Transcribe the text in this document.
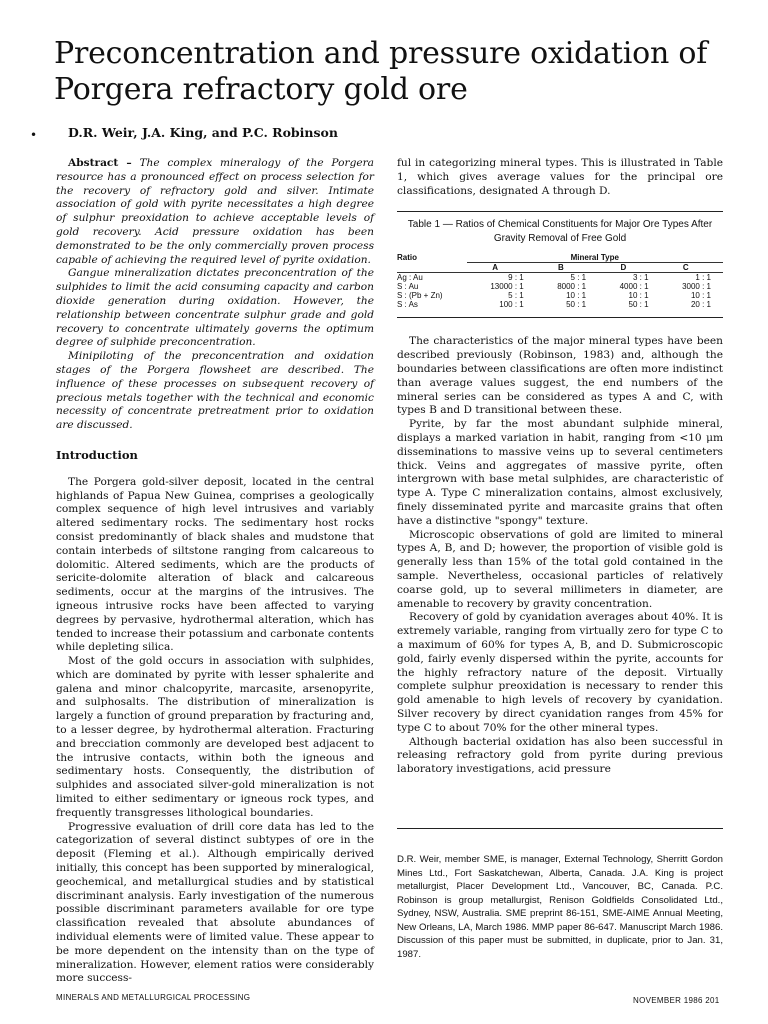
Preconcentration and pressure oxidation of Porgera refractory gold ore
•	D.R. Weir, J.A. King, and P.C. Robinson

Abstract – The complex mineralogy of the Porgera resource has a pronounced effect on process selection for the recovery of refractory gold and silver. Intimate association of gold with pyrite necessitates a high degree of sulphur preoxidation to achieve acceptable levels of gold recovery. Acid pressure oxidation has been demonstrated to be the only commercially proven process capable of achieving the required level of pyrite oxidation.

Gangue mineralization dictates preconcentration of the sulphides to limit the acid consuming capacity and carbon dioxide generation during oxidation. However, the relationship between concentrate sulphur grade and gold recovery to concentrate ultimately governs the optimum degree of sulphide preconcentration.

Minipiloting of the preconcentration and oxidation stages of the Porgera flowsheet are described. The influence of these processes on subsequent recovery of precious metals together with the technical and economic necessity of concentrate pretreatment prior to oxidation are discussed.

Introduction

The Porgera gold-silver deposit, located in the central highlands of Papua New Guinea, comprises a geologically complex sequence of high level intrusives and variably altered sedimentary rocks. The sedimentary host rocks consist predominantly of black shales and mudstone that contain interbeds of siltstone ranging from calcareous to dolomitic. Altered sediments, which are the products of sericite-dolomite alteration of black and calcareous sediments, occur at the margins of the intrusives. The igneous intrusive rocks have been affected to varying degrees by pervasive, hydrothermal alteration, which has tended to increase their potassium and carbonate contents while depleting silica.

Most of the gold occurs in association with sulphides, which are dominated by pyrite with lesser sphalerite and galena and minor chalcopyrite, marcasite, arsenopyrite, and sulphosalts. The distribution of mineralization is largely a function of ground preparation by fracturing and, to a lesser degree, by hydrothermal alteration. Fracturing and brecciation commonly are developed best adjacent to the intrusive contacts, within both the igneous and sedimentary hosts. Consequently, the distribution of sulphides and associated silver-gold mineralization is not limited to either sedimentary or igneous rock types, and frequently transgresses lithological boundaries.

Progressive evaluation of drill core data has led to the categorization of several distinct subtypes of ore in the deposit (Fleming et al.). Although empirically derived initially, this concept has been supported by mineralogical, geochemical, and metallurgical studies and by statistical discriminant analysis. Early investigation of the numerous possible discriminant parameters available for ore type classification revealed that absolute abundances of individual elements were of limited value. These appear to be more dependent on the intensity than on the type of mineralization. However, element ratios were considerably more success-

ful in categorizing mineral types. This is illustrated in Table 1, which gives average values for the principal ore classifications, designated A through D.

Table 1 — Ratios of Chemical Constituents for Major Ore Types After Gravity Removal of Free Gold
Ratio	Mineral Type			
	A	B	D	C
Ag : Au	9 : 1	5 : 1	3 : 1	1 : 1
S : Au	13000 : 1	8000 : 1	4000 : 1	3000 : 1
S : (Pb + Zn)	5 : 1	10 : 1	10 : 1	10 : 1
S : As	100 : 1	50 : 1	50 : 1	20 : 1

The characteristics of the major mineral types have been described previously (Robinson, 1983) and, although the boundaries between classifications are often more indistinct than average values suggest, the end numbers of the mineral series can be considered as types A and C, with types B and D transitional between these.

Pyrite, by far the most abundant sulphide mineral, displays a marked variation in habit, ranging from <10 μm disseminations to massive veins up to several centimeters thick. Veins and aggregates of massive pyrite, often intergrown with base metal sulphides, are characteristic of type A. Type C mineralization contains, almost exclusively, finely disseminated pyrite and marcasite grains that often have a distinctive "spongy" texture.

Microscopic observations of gold are limited to mineral types A, B, and D; however, the proportion of visible gold is generally less than 15% of the total gold contained in the sample. Nevertheless, occasional particles of relatively coarse gold, up to several millimeters in diameter, are amenable to recovery by gravity concentration.

Recovery of gold by cyanidation averages about 40%. It is extremely variable, ranging from virtually zero for type C to a maximum of 60% for types A, B, and D. Submicroscopic gold, fairly evenly dispersed within the pyrite, accounts for the highly refractory nature of the deposit. Virtually complete sulphur preoxidation is necessary to render this gold amenable to high levels of recovery by cyanidation. Silver recovery by direct cyanidation ranges from 45% for type C to about 70% for the other mineral types.

Although bacterial oxidation has also been successful in releasing refractory gold from pyrite during previous laboratory investigations, acid pressure

D.R. Weir, member SME, is manager, External Technology, Sherritt Gordon Mines Ltd., Fort Saskatchewan, Alberta, Canada. J.A. King is project metallurgist, Placer Development Ltd., Vancouver, BC, Canada. P.C. Robinson is group metallurgist, Renison Goldfields Consolidated Ltd., Sydney, NSW, Australia. SME preprint 86-151, SME-AIME Annual Meeting, New Orleans, LA, March 1986. MMP paper 86-647. Manuscript March 1986. Discussion of this paper must be submitted, in duplicate, prior to Jan. 31, 1987.
MINERALS AND METALLURGICAL PROCESSING	NOVEMBER 1986 201
